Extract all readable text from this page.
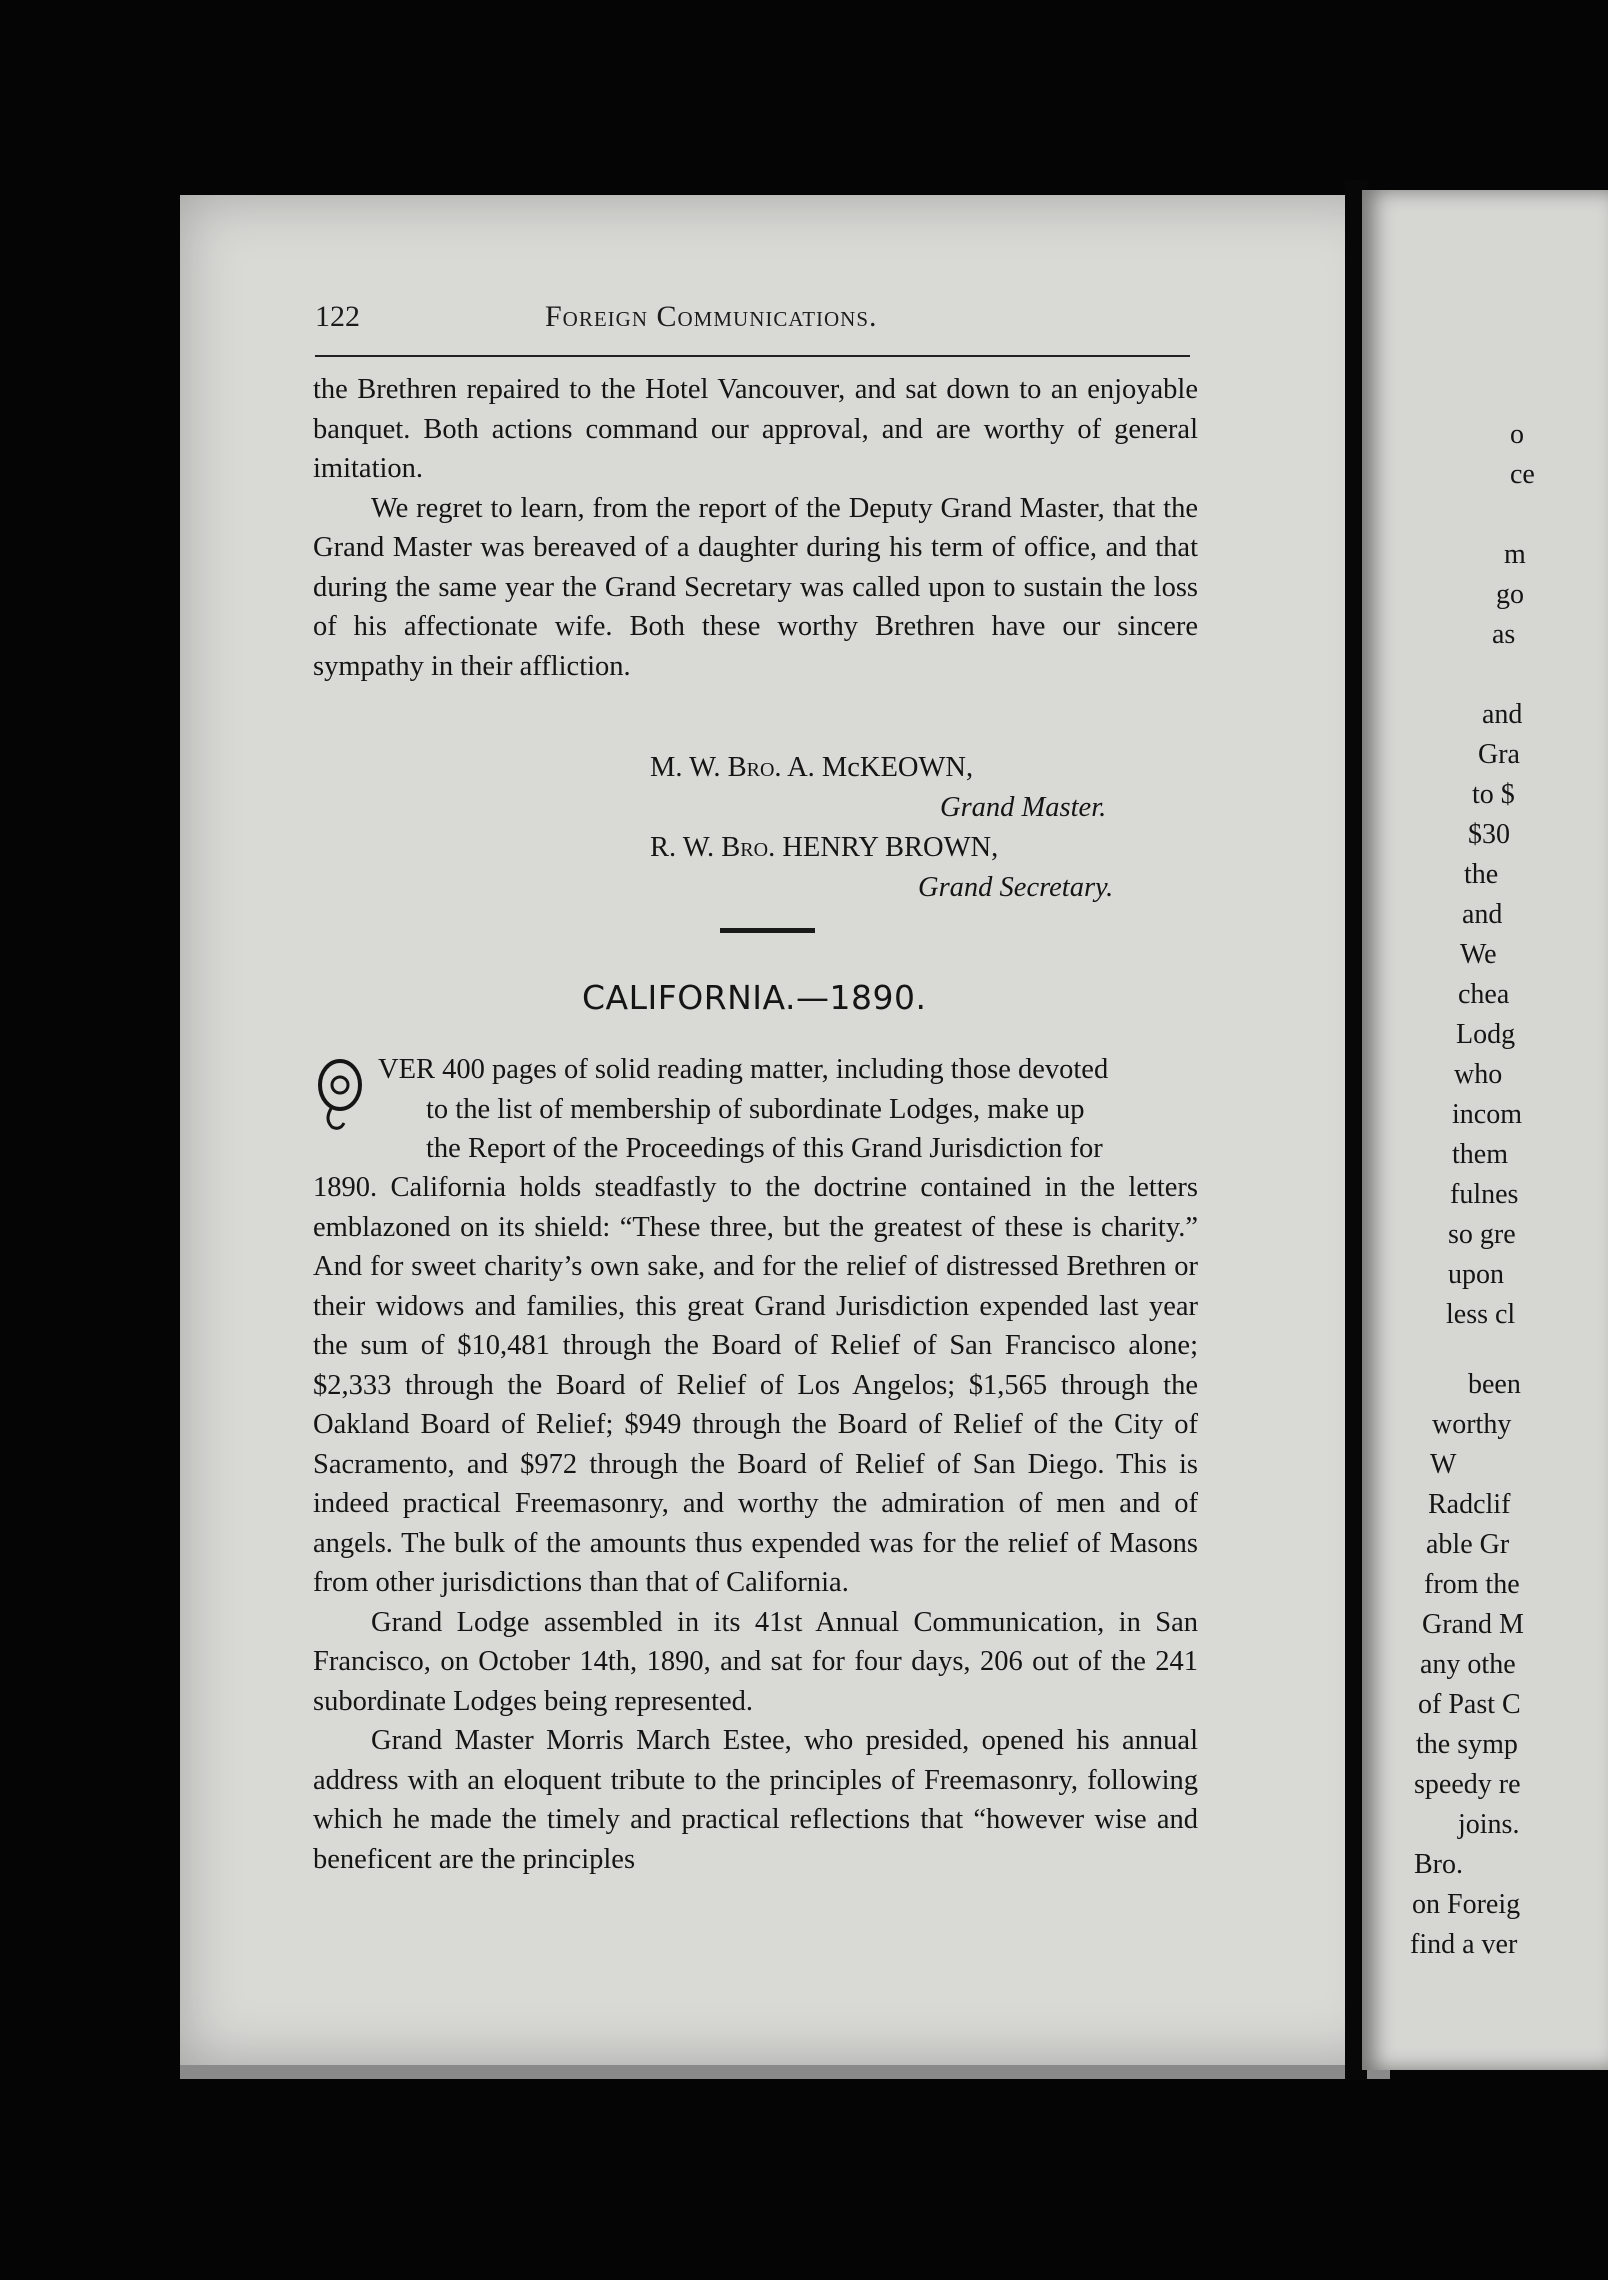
122	Foreign Communications.

the Brethren repaired to the Hotel Vancouver, and sat down to an enjoyable banquet. Both actions command our approval, and are worthy of general imitation.

We regret to learn, from the report of the Deputy Grand Master, that the Grand Master was bereaved of a daughter during his term of office, and that during the same year the Grand Secretary was called upon to sustain the loss of his affectionate wife. Both these worthy Brethren have our sincere sympathy in their affliction.

M. W. Bro. A. McKEOWN,
Grand Master.
R. W. Bro. HENRY BROWN,
Grand Secretary.
CALIFORNIA.—1890.
VER 400 pages of solid reading matter, including those devoted
to the list of membership of subordinate Lodges, make up
the Report of the Proceedings of this Grand Jurisdiction for

1890. California holds steadfastly to the doctrine contained in the letters emblazoned on its shield: “These three, but the greatest of these is charity.” And for sweet charity’s own sake, and for the relief of distressed Brethren or their widows and families, this great Grand Jurisdiction expended last year the sum of $10,481 through the Board of Relief of San Francisco alone; $2,333 through the Board of Relief of Los Angelos; $1,565 through the Oakland Board of Relief; $949 through the Board of Relief of the City of Sacramento, and $972 through the Board of Relief of San Diego. This is indeed practical Freemasonry, and worthy the admiration of men and of angels. The bulk of the amounts thus expended was for the relief of Masons from other jurisdictions than that of California.

Grand Lodge assembled in its 41st Annual Communication, in San Francisco, on October 14th, 1890, and sat for four days, 206 out of the 241 subordinate Lodges being represented.

Grand Master Morris March Estee, who presided, opened his annual address with an eloquent tribute to the principles of Freemasonry, following which he made the timely and practical reflections that “however wise and beneficent are the principles

o
ce
m
go
as
and
Gra
to $
$30
the
and
We
chea
Lodg
who
incom
them
fulnes
so gre
upon
less cl
been
worthy
W
Radclif
able Gr
from the
Grand M
any othe
of Past C
the symp
speedy re
joins.
Bro.
on Foreig
find a ver
